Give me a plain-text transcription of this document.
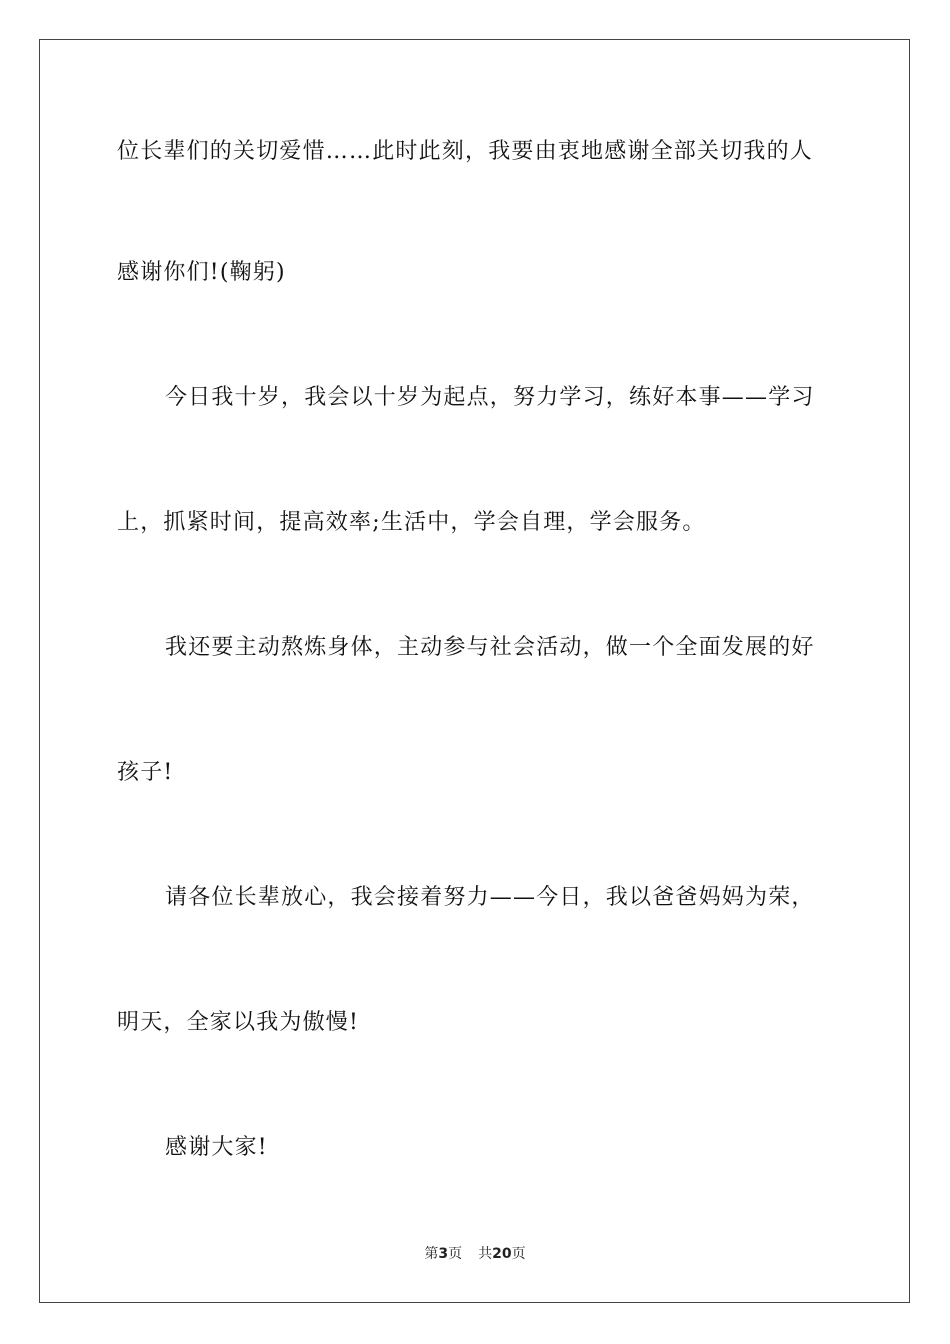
位长辈们的关切爱惜……此时此刻，我要由衷地感谢全部关切我的人
感谢你们!(鞠躬)
今日我十岁，我会以十岁为起点，努力学习，练好本事——学习
上，抓紧时间，提高效率;生活中，学会自理，学会服务。
我还要主动熬炼身体，主动参与社会活动，做一个全面发展的好
孩子!
请各位长辈放心，我会接着努力——今日，我以爸爸妈妈为荣，
明天，全家以我为傲慢!
感谢大家!
第3页 共20页
